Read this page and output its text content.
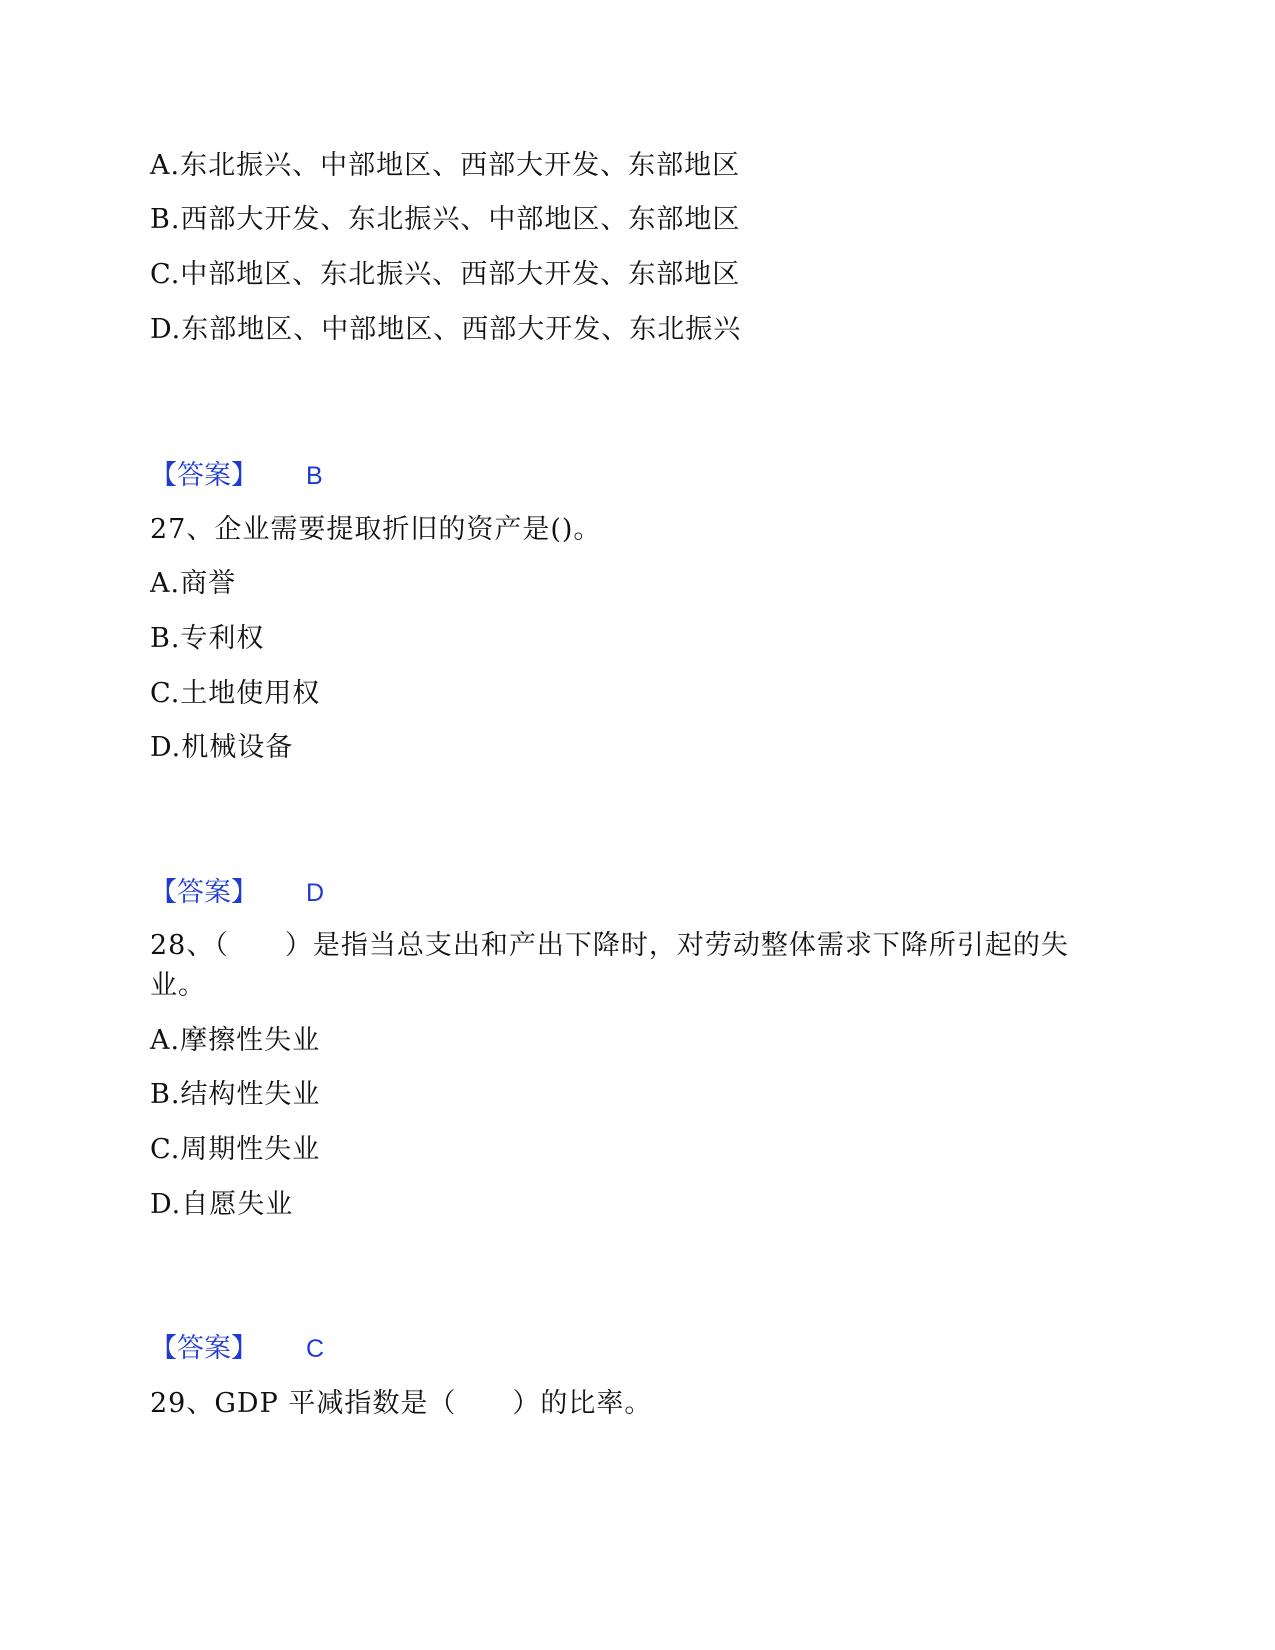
A.东北振兴、中部地区、西部大开发、东部地区
B.西部大开发、东北振兴、中部地区、东部地区
C.中部地区、东北振兴、西部大开发、东部地区
D.东部地区、中部地区、西部大开发、东北振兴
【答案】 B
27、企业需要提取折旧的资产是()。
A.商誉
B.专利权
C.土地使用权
D.机械设备
【答案】 D
28、（　　）是指当总支出和产出下降时，对劳动整体需求下降所引起的失业。
A.摩擦性失业
B.结构性失业
C.周期性失业
D.自愿失业
【答案】 C
29、GDP 平减指数是（　　）的比率。
